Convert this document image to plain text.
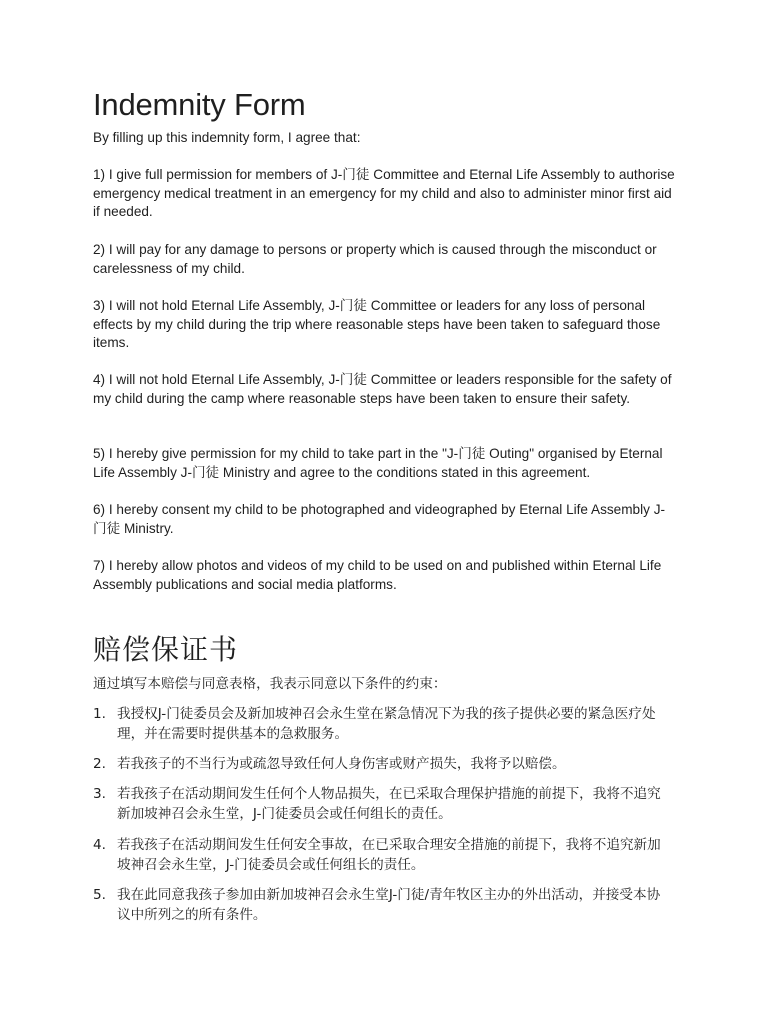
Indemnity Form

By filling up this indemnity form, I agree that:

1) I give full permission for members of J-门徒 Committee and Eternal Life Assembly to authorise emergency medical treatment in an emergency for my child and also to administer minor first aid if needed.

2) I will pay for any damage to persons or property which is caused through the misconduct or carelessness of my child.

3) I will not hold Eternal Life Assembly, J-门徒 Committee or leaders for any loss of personal effects by my child during the trip where reasonable steps have been taken to safeguard those items.

4) I will not hold Eternal Life Assembly, J-门徒 Committee or leaders responsible for the safety of my child during the camp where reasonable steps have been taken to ensure their safety.

5) I hereby give permission for my child to take part in the "J-门徒 Outing" organised by Eternal Life Assembly J-门徒 Ministry and agree to the conditions stated in this agreement.

6) I hereby consent my child to be photographed and videographed by Eternal Life Assembly J-门徒 Ministry.

7) I hereby allow photos and videos of my child to be used on and published within Eternal Life Assembly publications and social media platforms.

赔偿保证书

通过填写本赔偿与同意表格，我表示同意以下条件的约束：

1. 我授权J-门徒委员会及新加坡神召会永生堂在紧急情况下为我的孩子提供必要的紧急医疗处理，并在需要时提供基本的急救服务。
2. 若我孩子的不当行为或疏忽导致任何人身伤害或财产损失，我将予以赔偿。
3. 若我孩子在活动期间发生任何个人物品损失，在已采取合理保护措施的前提下，我将不追究新加坡神召会永生堂，J-门徒委员会或任何组长的责任。
4. 若我孩子在活动期间发生任何安全事故，在已采取合理安全措施的前提下，我将不追究新加坡神召会永生堂，J-门徒委员会或任何组长的责任。
5. 我在此同意我孩子参加由新加坡神召会永生堂J-门徒/青年牧区主办的外出活动，并接受本协议中所列之的所有条件。
